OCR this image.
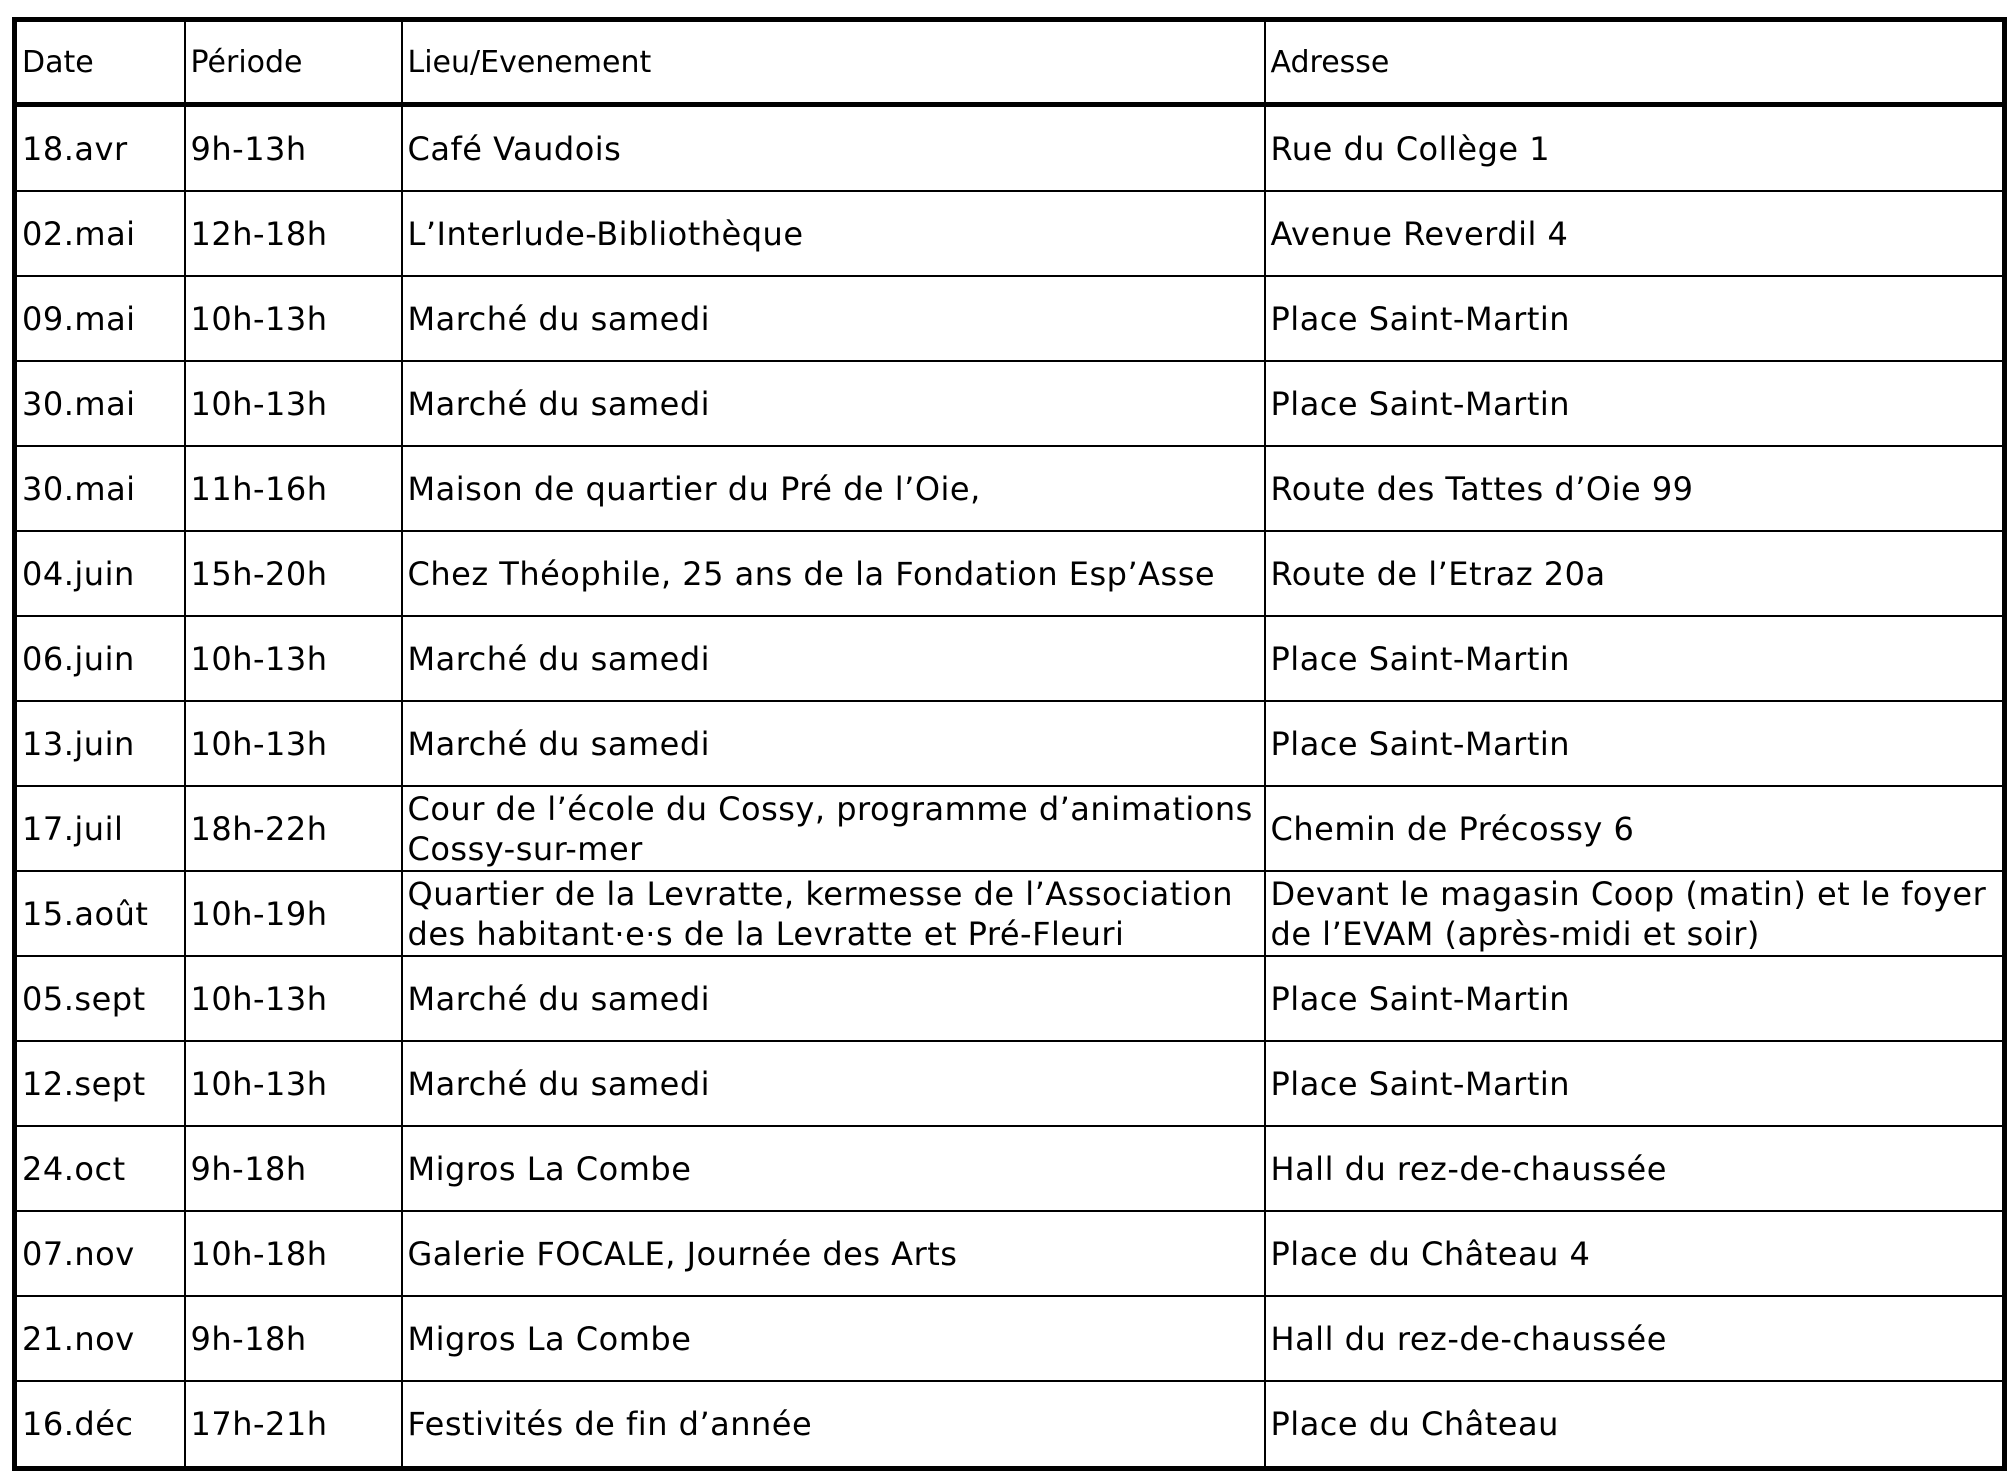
Date	Période	Lieu/Evenement	Adresse
18.avr	9h-13h	Café Vaudois	Rue du Collège 1
02.mai	12h-18h	L’Interlude-Bibliothèque	Avenue Reverdil 4
09.mai	10h-13h	Marché du samedi	Place Saint-Martin
30.mai	10h-13h	Marché du samedi	Place Saint-Martin
30.mai	11h-16h	Maison de quartier du Pré de l’Oie,	Route des Tattes d’Oie 99
04.juin	15h-20h	Chez Théophile, 25 ans de la Fondation Esp’Asse	Route de l’Etraz 20a
06.juin	10h-13h	Marché du samedi	Place Saint-Martin
13.juin	10h-13h	Marché du samedi	Place Saint-Martin
17.juil	18h-22h	Cour de l’école du Cossy, programme d’animations Cossy-sur-mer	Chemin de Précossy 6
15.août	10h-19h	Quartier de la Levratte, kermesse de l’Association des habitant·e·s de la Levratte et Pré-Fleuri	Devant le magasin Coop (matin) et le foyer de l’EVAM (après-midi et soir)
05.sept	10h-13h	Marché du samedi	Place Saint-Martin
12.sept	10h-13h	Marché du samedi	Place Saint-Martin
24.oct	9h-18h	Migros La Combe	Hall du rez-de-chaussée
07.nov	10h-18h	Galerie FOCALE, Journée des Arts	Place du Château 4
21.nov	9h-18h	Migros La Combe	Hall du rez-de-chaussée
16.déc	17h-21h	Festivités de fin d’année	Place du Château
